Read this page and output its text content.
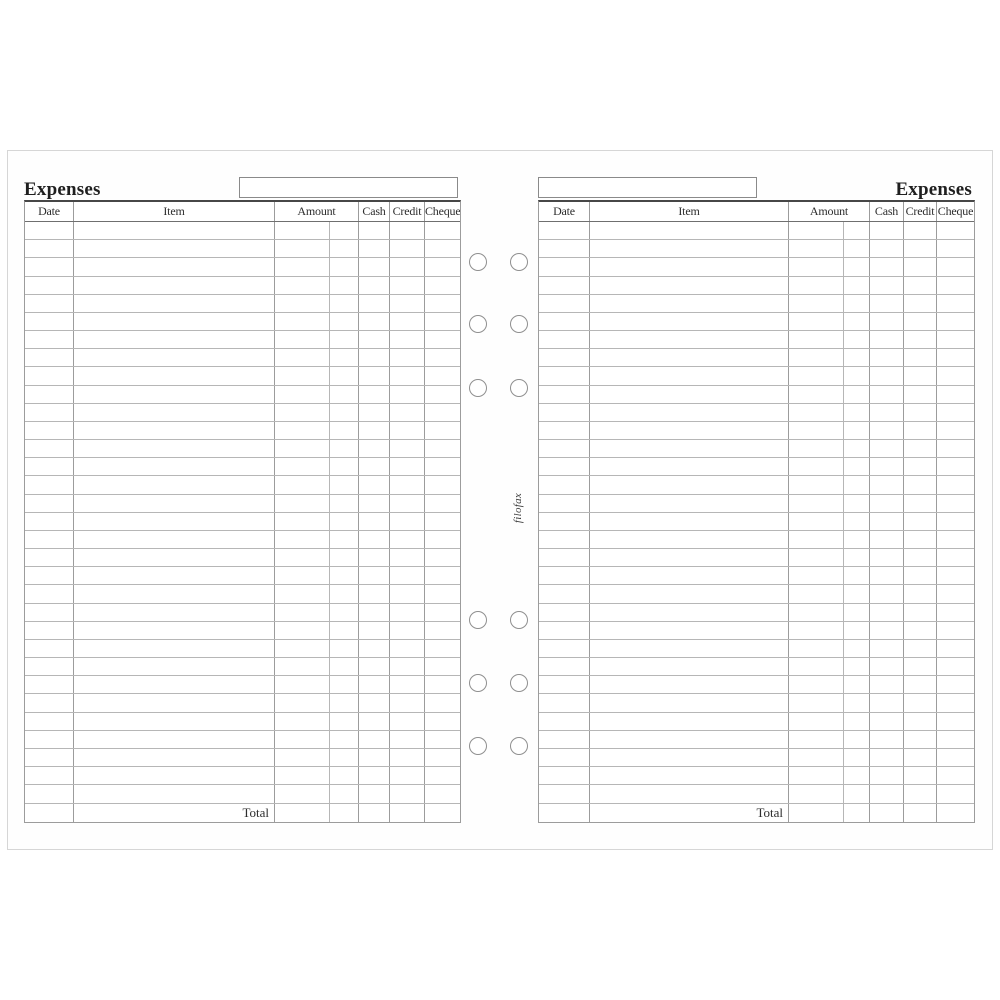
Expenses
Date	Item	Amount	Cash Credit Cheque
Total
Expenses
Date	Item	Amount	Cash Credit Cheque
Total
filofax
